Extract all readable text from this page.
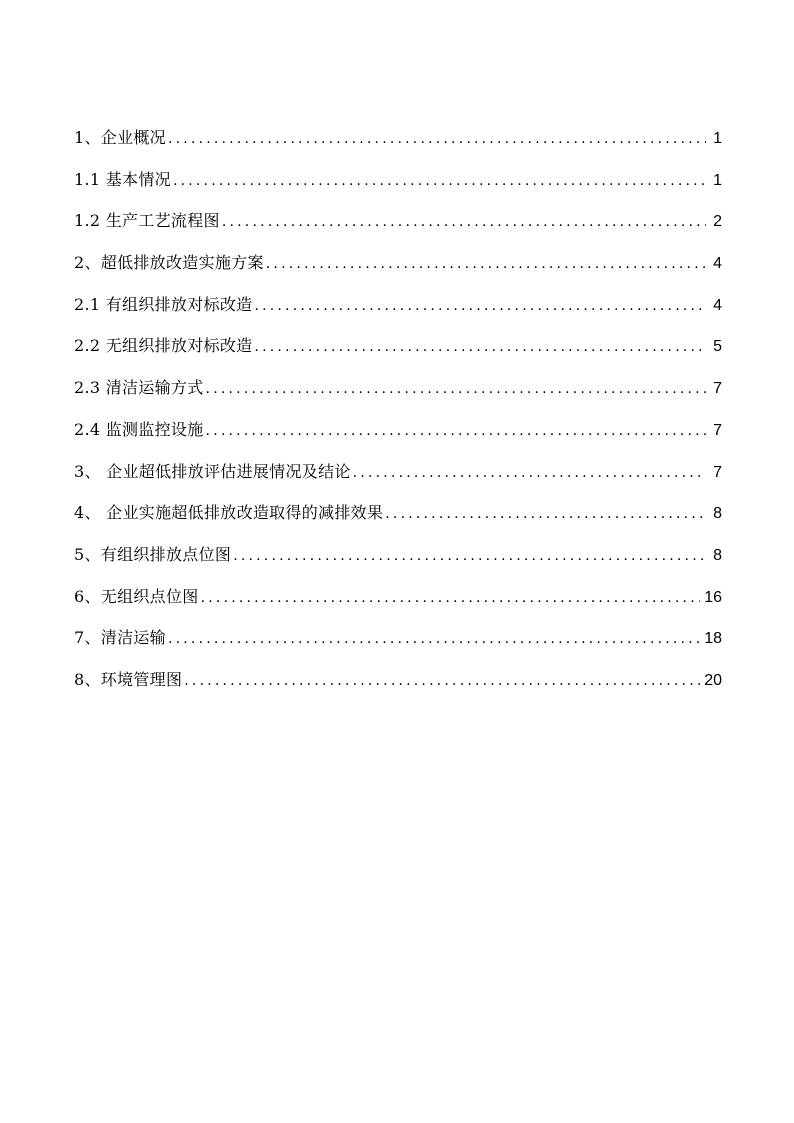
1、企业概况 .....	1
1.1 基本情况 .....	1
1.2 生产工艺流程图 .....	2
2、超低排放改造实施方案 .....	4
2.1 有组织排放对标改造 .....	4
2.2 无组织排放对标改造 .....	5
2.3 清洁运输方式 .....	7
2.4 监测监控设施 .....	7
3、 企业超低排放评估进展情况及结论 .....	7
4、 企业实施超低排放改造取得的减排效果 .....	8
5、有组织排放点位图 .....	8
6、无组织点位图 .....	16
7、清洁运输 .....	18
8、环境管理图 .....	20
